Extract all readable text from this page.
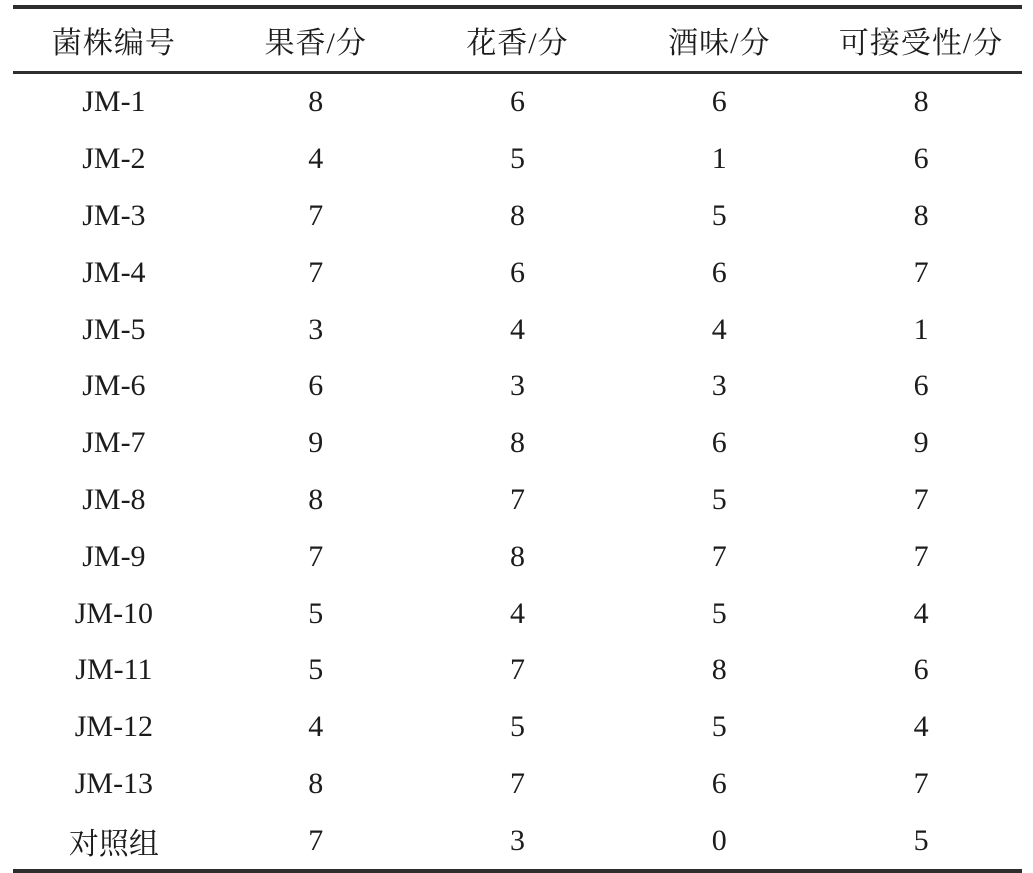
菌株编号	果香/分	花香/分	酒味/分	可接受性/分
JM-1	8	6	6	8
JM-2	4	5	1	6
JM-3	7	8	5	8
JM-4	7	6	6	7
JM-5	3	4	4	1
JM-6	6	3	3	6
JM-7	9	8	6	9
JM-8	8	7	5	7
JM-9	7	8	7	7
JM-10	5	4	5	4
JM-11	5	7	8	6
JM-12	4	5	5	4
JM-13	8	7	6	7
对照组	7	3	0	5
